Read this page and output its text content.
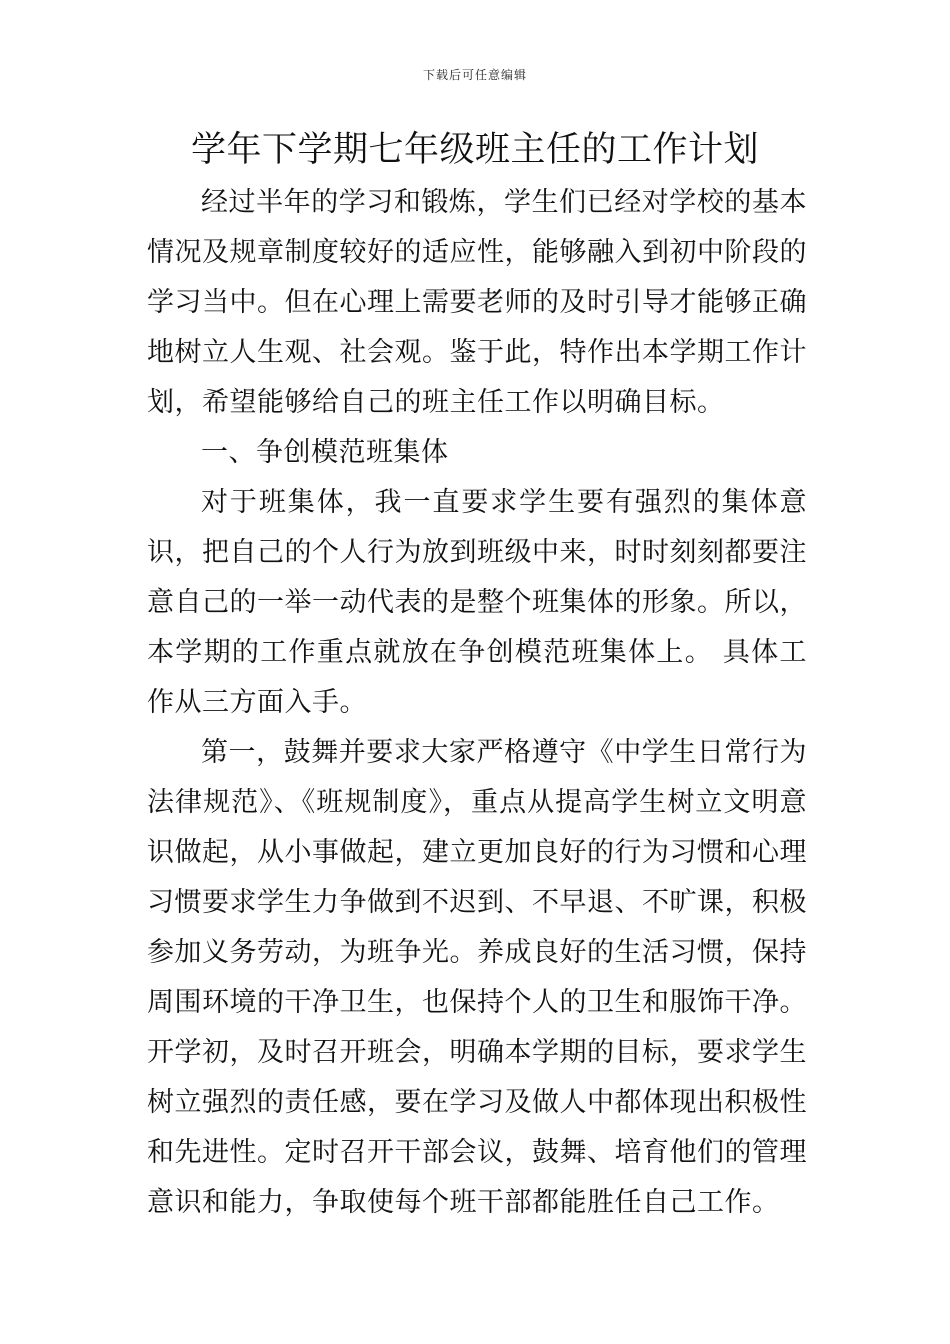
下载后可任意编辑
学年下学期七年级班主任的工作计划

经过半年的学习和锻炼，学生们已经对学校的基本情况及规章制度较好的适应性，能够融入到初中阶段的学习当中。但在心理上需要老师的及时引导才能够正确地树立人生观、社会观。鉴于此，特作出本学期工作计划，希望能够给自己的班主任工作以明确目标。

一、争创模范班集体

对于班集体，我一直要求学生要有强烈的集体意识，把自己的个人行为放到班级中来，时时刻刻都要注意自己的一举一动代表的是整个班集体的形象。所以，本学期的工作重点就放在争创模范班集体上。 具体工作从三方面入手。

第一，鼓舞并要求大家严格遵守《中学生日常行为法律规范》、《班规制度》，重点从提高学生树立文明意识做起，从小事做起，建立更加良好的行为习惯和心理习惯要求学生力争做到不迟到、不早退、不旷课，积极参加义务劳动，为班争光。养成良好的生活习惯，保持周围环境的干净卫生，也保持个人的卫生和服饰干净。开学初，及时召开班会，明确本学期的目标，要求学生树立强烈的责任感，要在学习及做人中都体现出积极性和先进性。定时召开干部会议，鼓舞、培育他们的管理意识和能力，争取使每个班干部都能胜任自己工作。
